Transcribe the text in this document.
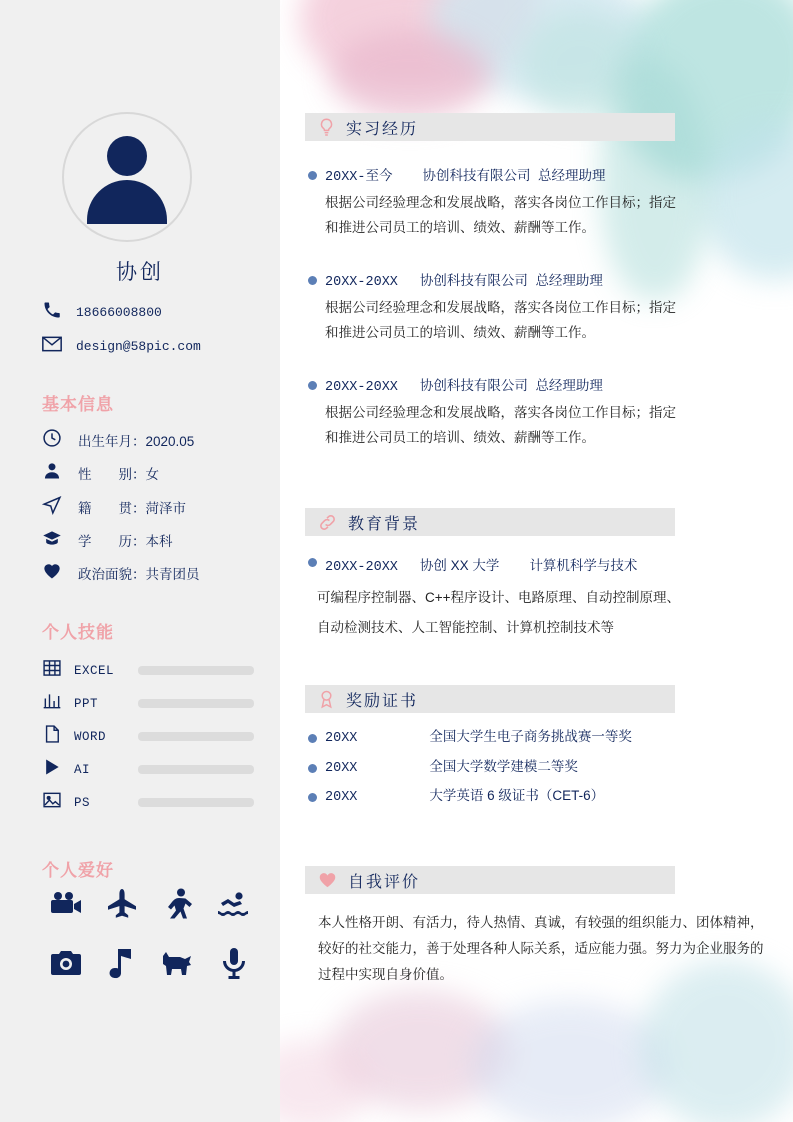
协创
18666008800
design@58pic.com
基本信息
出生年月：2020.05
性　　别：女
籍　　贯：菏泽市
学　　历：本科
政治面貌：共青团员
个人技能
EXCEL
PPT
WORD
AI
PS
个人爱好
实习经历
20XX-至今 协创科技有限公司 总经理助理
根据公司经验理念和发展战略，落实各岗位工作目标；指定
和推进公司员工的培训、绩效、薪酬等工作。
20XX-20XX 协创科技有限公司 总经理助理
根据公司经验理念和发展战略，落实各岗位工作目标；指定
和推进公司员工的培训、绩效、薪酬等工作。
20XX-20XX 协创科技有限公司 总经理助理
根据公司经验理念和发展战略，落实各岗位工作目标；指定
和推进公司员工的培训、绩效、薪酬等工作。
教育背景
20XX-20XX 协创 XX 大学 计算机科学与技术
可编程序控制器、C++程序设计、电路原理、自动控制原理、
自动检测技术、人工智能控制、计算机控制技术等
奖励证书
20XX	全国大学生电子商务挑战赛一等奖
20XX	全国大学数学建模二等奖
20XX	大学英语 6 级证书（CET-6）
自我评价
本人性格开朗、有活力，待人热情、真诚，有较强的组织能力、团体精神，较好的社交能力，善于处理各种人际关系，适应能力强。努力为企业服务的过程中实现自身价值。
